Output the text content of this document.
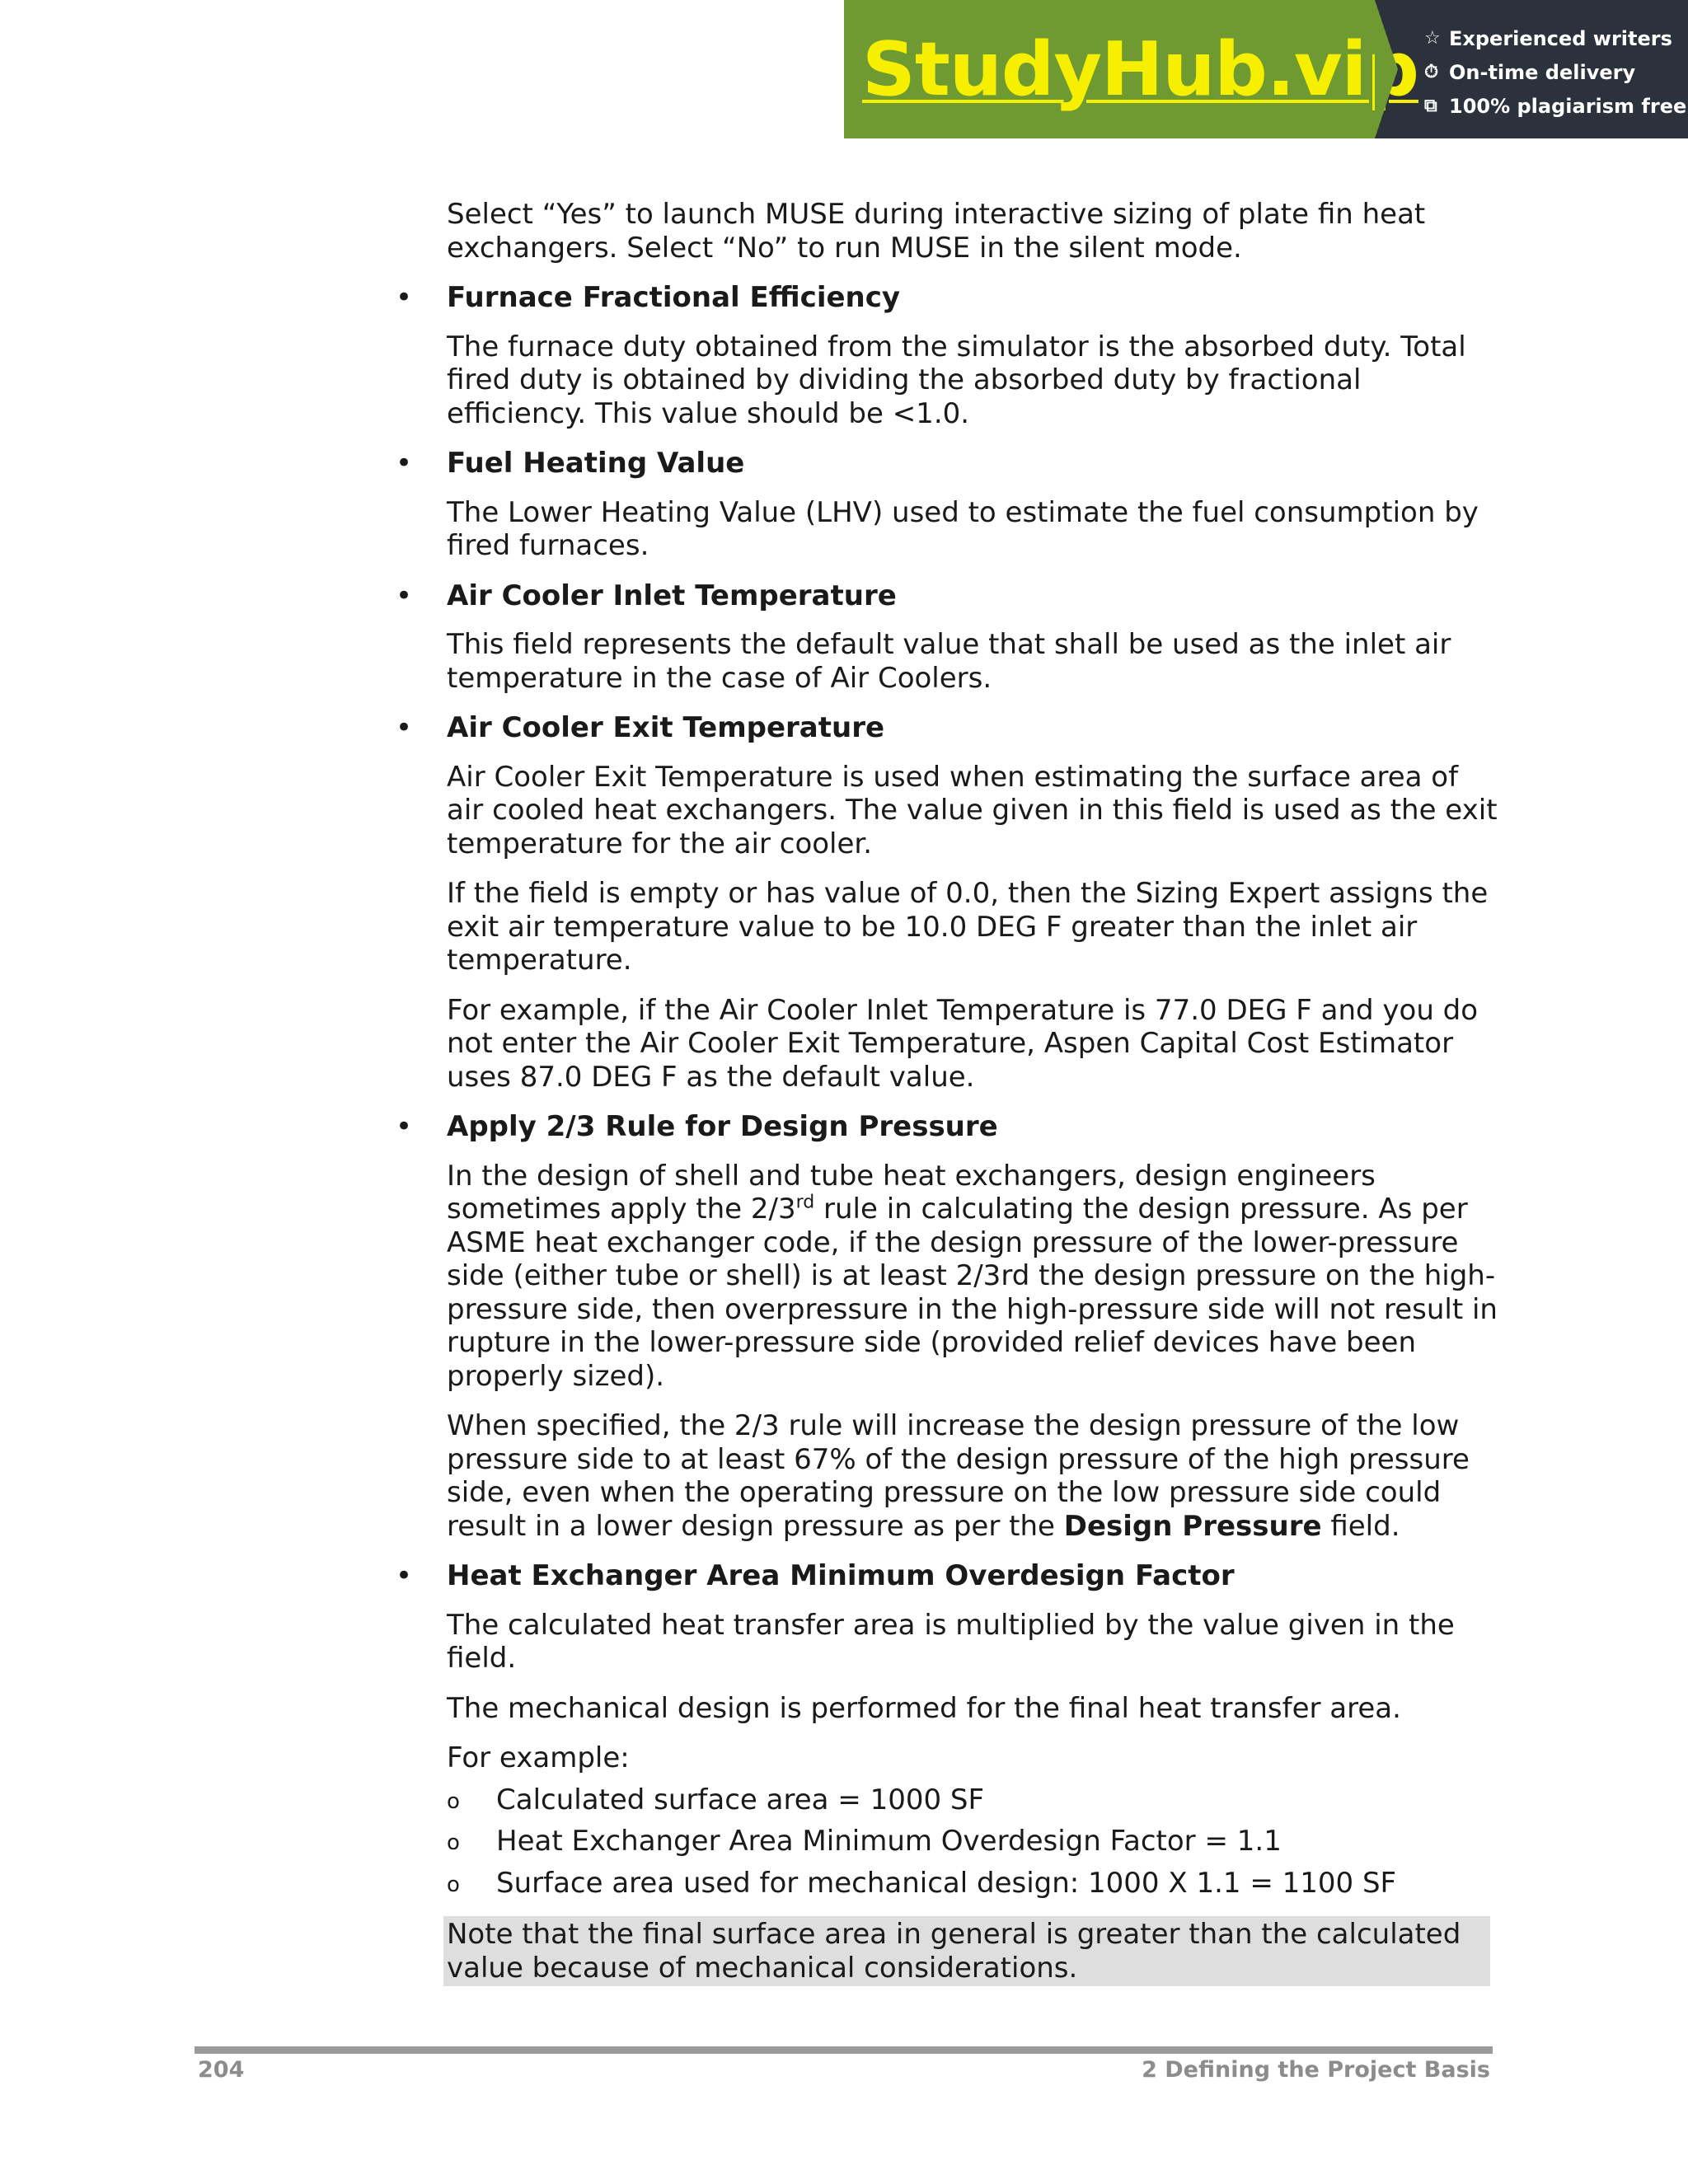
StudyHub.vip ☆ Experienced writers
⏱ On-time delivery
⧉ 100% plagiarism free

Select “Yes” to launch MUSE during interactive sizing of plate fin heat exchangers. Select “No” to run MUSE in the silent mode.

• Furnace Fractional Efficiency

The furnace duty obtained from the simulator is the absorbed duty. Total fired duty is obtained by dividing the absorbed duty by fractional efficiency. This value should be <1.0.

• Fuel Heating Value

The Lower Heating Value (LHV) used to estimate the fuel consumption by fired furnaces.

• Air Cooler Inlet Temperature

This field represents the default value that shall be used as the inlet air temperature in the case of Air Coolers.

• Air Cooler Exit Temperature

Air Cooler Exit Temperature is used when estimating the surface area of air cooled heat exchangers. The value given in this field is used as the exit temperature for the air cooler.

If the field is empty or has value of 0.0, then the Sizing Expert assigns the exit air temperature value to be 10.0 DEG F greater than the inlet air temperature.

For example, if the Air Cooler Inlet Temperature is 77.0 DEG F and you do not enter the Air Cooler Exit Temperature, Aspen Capital Cost Estimator uses 87.0 DEG F as the default value.

• Apply 2/3 Rule for Design Pressure

In the design of shell and tube heat exchangers, design engineers sometimes apply the 2/3rd rule in calculating the design pressure. As per ASME heat exchanger code, if the design pressure of the lower-pressure side (either tube or shell) is at least 2/3rd the design pressure on the high-pressure side, then overpressure in the high-pressure side will not result in rupture in the lower-pressure side (provided relief devices have been properly sized).

When specified, the 2/3 rule will increase the design pressure of the low pressure side to at least 67% of the design pressure of the high pressure side, even when the operating pressure on the low pressure side could result in a lower design pressure as per the Design Pressure field.

• Heat Exchanger Area Minimum Overdesign Factor

The calculated heat transfer area is multiplied by the value given in the field.

The mechanical design is performed for the final heat transfer area.

For example:

o Calculated surface area = 1000 SF
o Heat Exchanger Area Minimum Overdesign Factor = 1.1
o Surface area used for mechanical design: 1000 X 1.1 = 1100 SF
Note that the final surface area in general is greater than the calculated value because of mechanical considerations.
204	2 Defining the Project Basis
